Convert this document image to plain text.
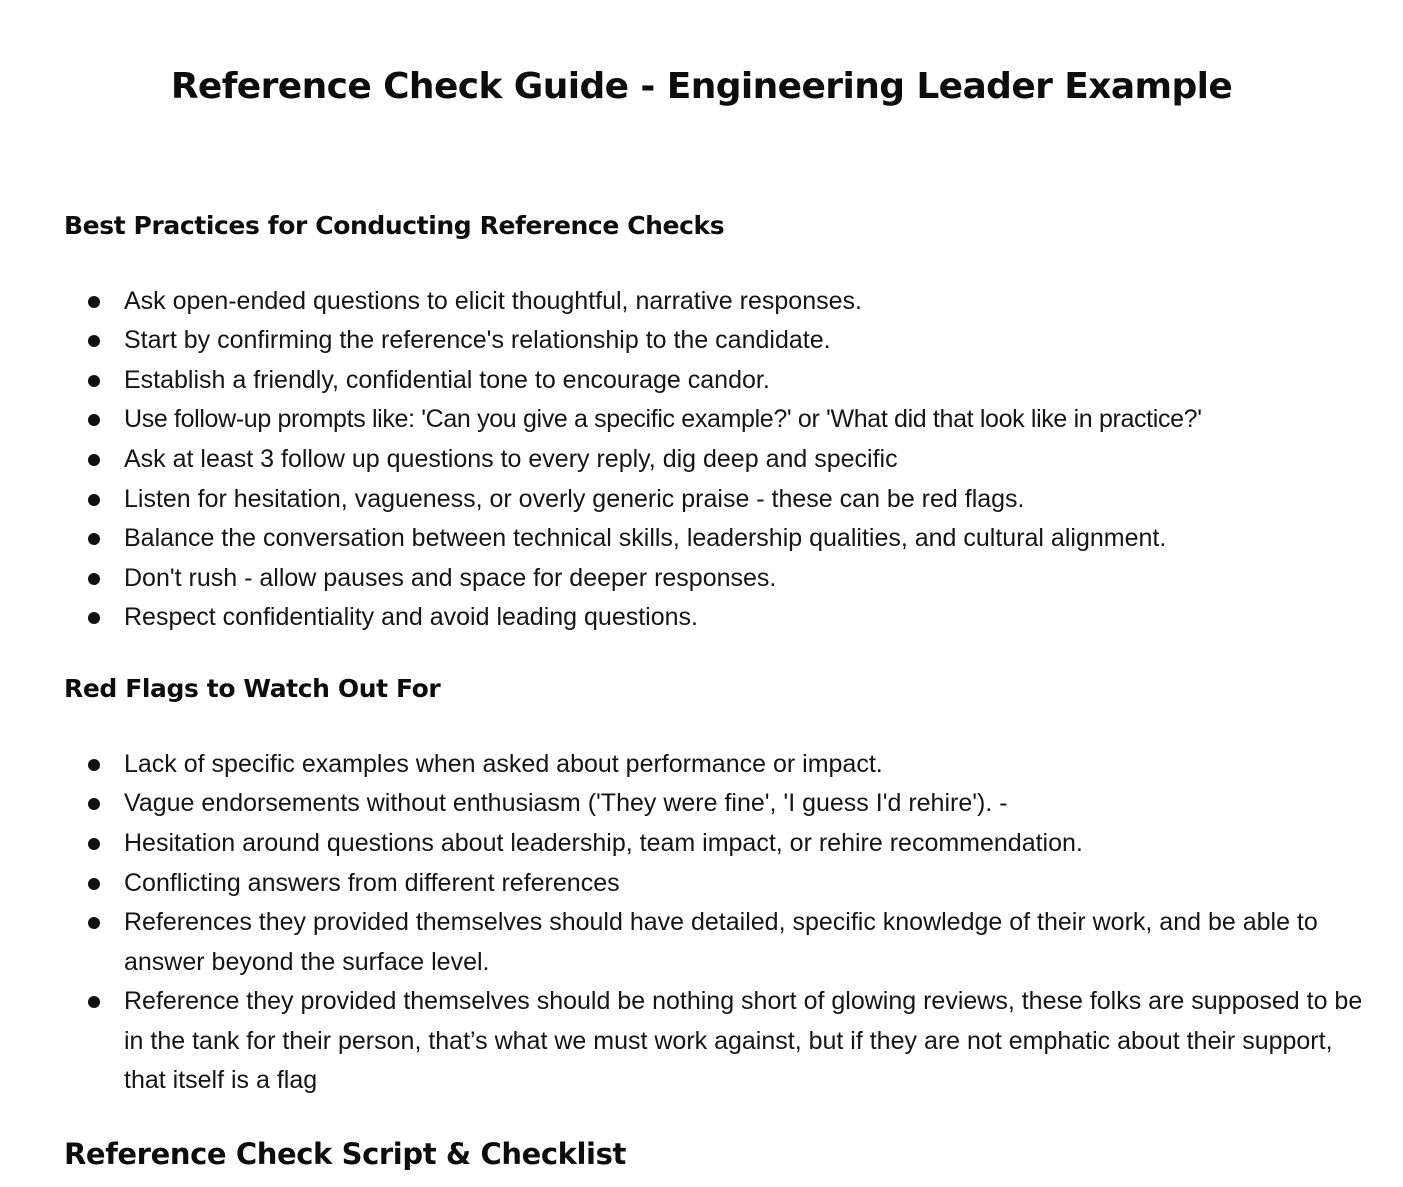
Reference Check Guide - Engineering Leader Example
Best Practices for Conducting Reference Checks
Ask open-ended questions to elicit thoughtful, narrative responses.
Start by confirming the reference's relationship to the candidate.
Establish a friendly, confidential tone to encourage candor.
Use follow-up prompts like: 'Can you give a specific example?' or 'What did that look like in practice?'
Ask at least 3 follow up questions to every reply, dig deep and specific
Listen for hesitation, vagueness, or overly generic praise - these can be red flags.
Balance the conversation between technical skills, leadership qualities, and cultural alignment.
Don't rush - allow pauses and space for deeper responses.
Respect confidentiality and avoid leading questions.
Red Flags to Watch Out For
Lack of specific examples when asked about performance or impact.
Vague endorsements without enthusiasm ('They were fine', 'I guess I'd rehire'). -
Hesitation around questions about leadership, team impact, or rehire recommendation.
Conflicting answers from different references
References they provided themselves should have detailed, specific knowledge of their work, and be able to answer beyond the surface level.
Reference they provided themselves should be nothing short of glowing reviews, these folks are supposed to be in the tank for their person, that’s what we must work against, but if they are not emphatic about their support, that itself is a flag
Reference Check Script & Checklist
